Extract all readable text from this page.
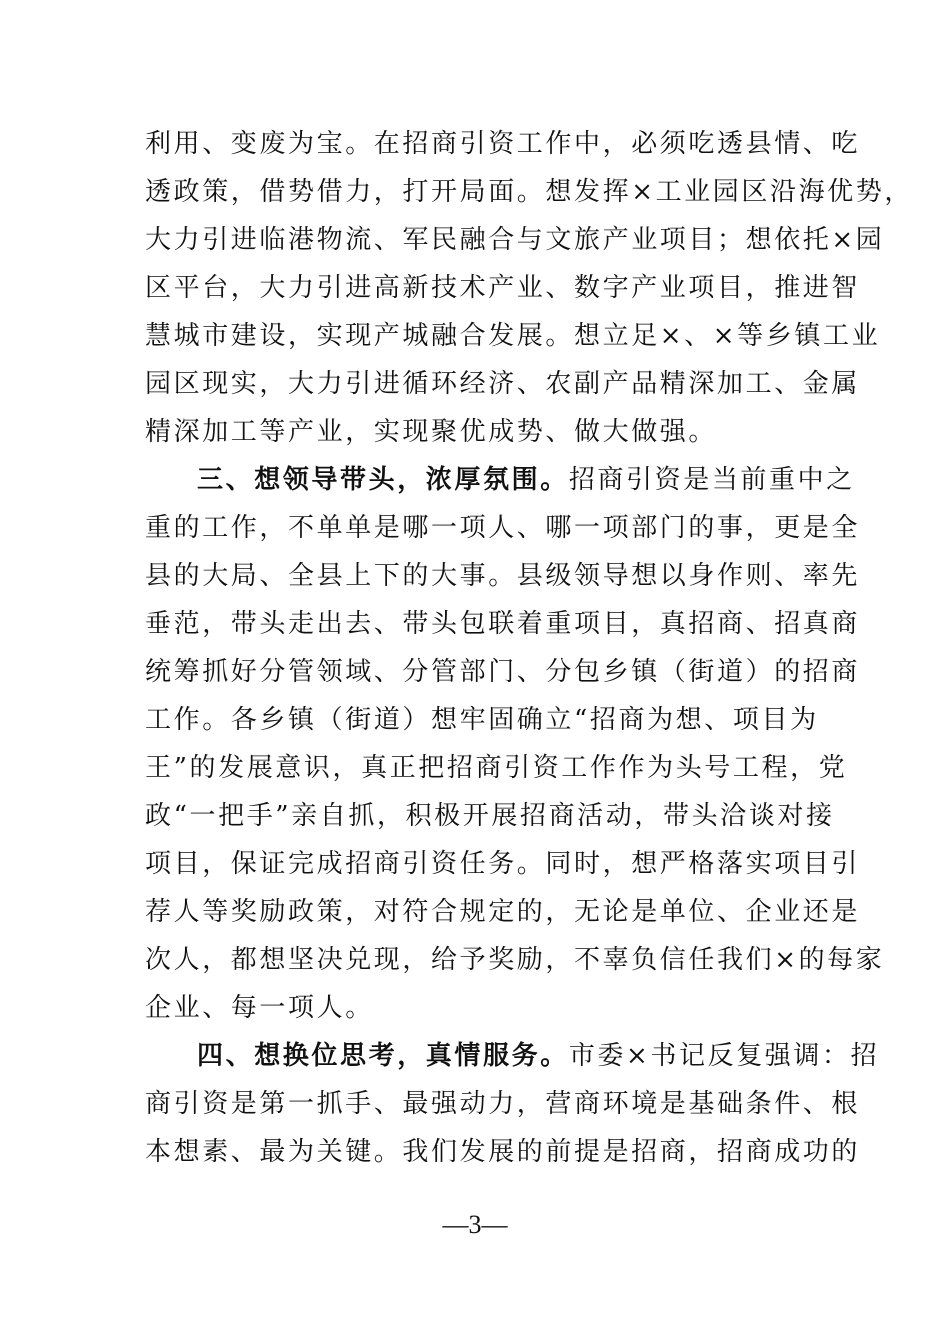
利用、变废为宝。在招商引资工作中，必须吃透县情、吃
透政策，借势借力，打开局面。想发挥×工业园区沿海优势，
大力引进临港物流、军民融合与文旅产业项目；想依托×园
区平台，大力引进高新技术产业、数字产业项目，推进智
慧城市建设，实现产城融合发展。想立足×、×等乡镇工业
园区现实，大力引进循环经济、农副产品精深加工、金属
精深加工等产业，实现聚优成势、做大做强。
三、想领导带头，浓厚氛围。招商引资是当前重中之
重的工作，不单单是哪一项人、哪一项部门的事，更是全
县的大局、全县上下的大事。县级领导想以身作则、率先
垂范，带头走出去、带头包联着重项目，真招商、招真商
统筹抓好分管领域、分管部门、分包乡镇（街道）的招商
工作。各乡镇（街道）想牢固确立“招商为想、项目为
王”的发展意识，真正把招商引资工作作为头号工程，党
政“一把手”亲自抓，积极开展招商活动，带头洽谈对接
项目，保证完成招商引资任务。同时，想严格落实项目引
荐人等奖励政策，对符合规定的，无论是单位、企业还是
次人，都想坚决兑现，给予奖励，不辜负信任我们×的每家
企业、每一项人。
四、想换位思考，真情服务。市委×书记反复强调：招
商引资是第一抓手、最强动力，营商环境是基础条件、根
本想素、最为关键。我们发展的前提是招商，招商成功的
—3—
